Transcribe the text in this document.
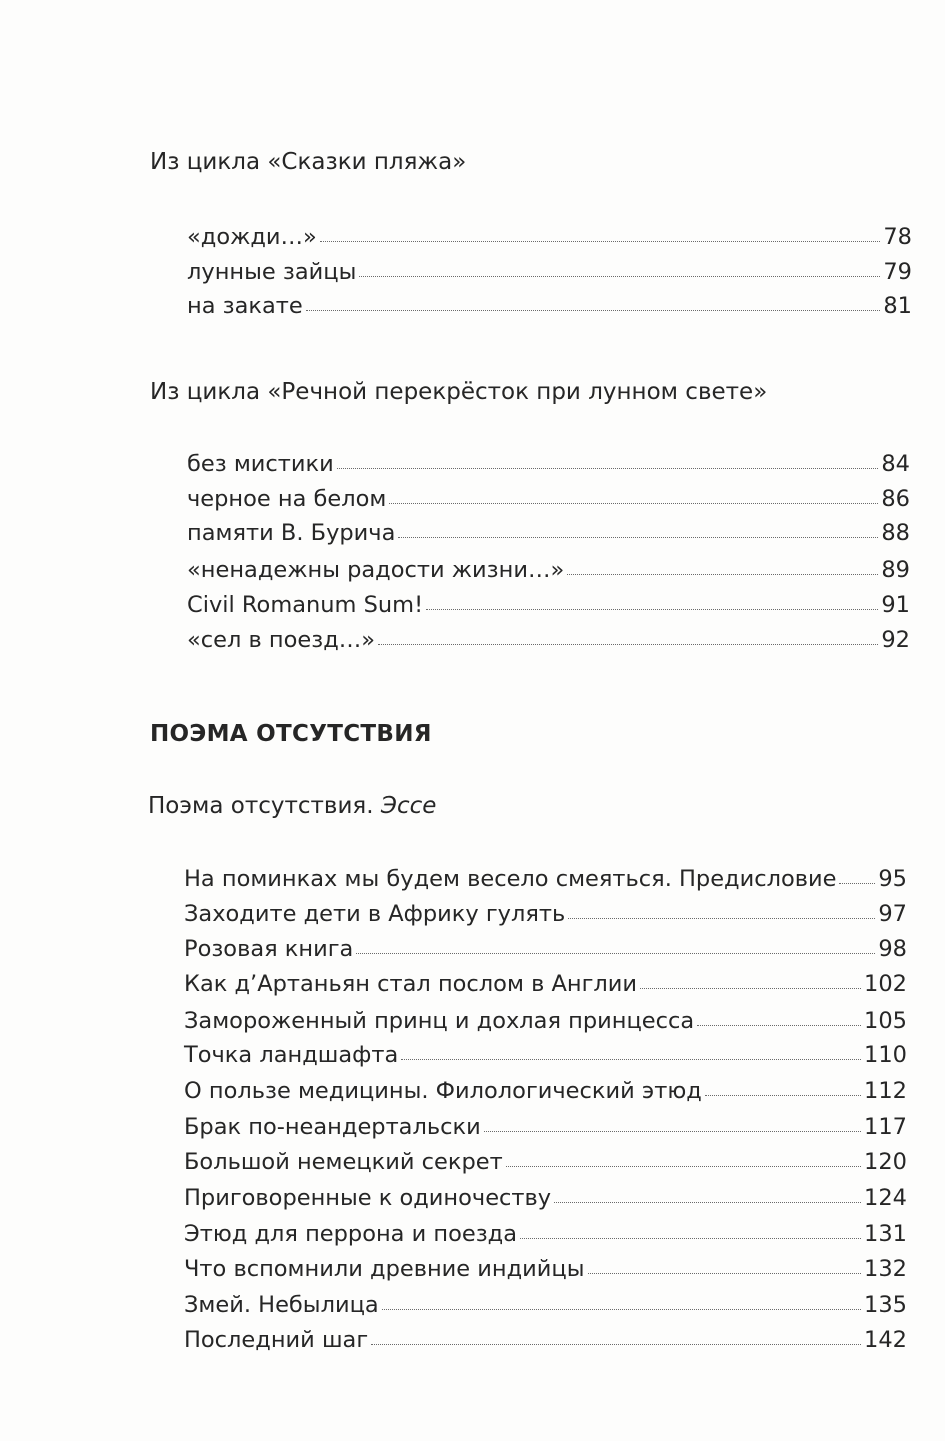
Из цикла «Сказки пляжа»
«дожди…»	78
лунные зайцы	79
на закате	81
Из цикла «Речной перекрёсток при лунном свете»
без мистики	84
черное на белом	86
памяти В. Бурича	88
«ненадежны радости жизни…»	89
Civil Romanum Sum!	91
«сел в поезд…»	92
ПОЭМА ОТСУТСТВИЯ
Поэма отсутствия. Эссе
На поминках мы будем весело смеяться. Предисловие 95
Заходите дети в Африку гулять	97
Розовая книга	98
Как д’Артаньян стал послом в Англии	102
Замороженный принц и дохлая принцесса	105
Точка ландшафта	110
О пользе медицины. Филологический этюд	112
Брак по-неандертальски	117
Большой немецкий секрет	120
Приговоренные к одиночеству	124
Этюд для перрона и поезда	131
Что вспомнили древние индийцы	132
Змей. Небылица	135
Последний шаг	142
